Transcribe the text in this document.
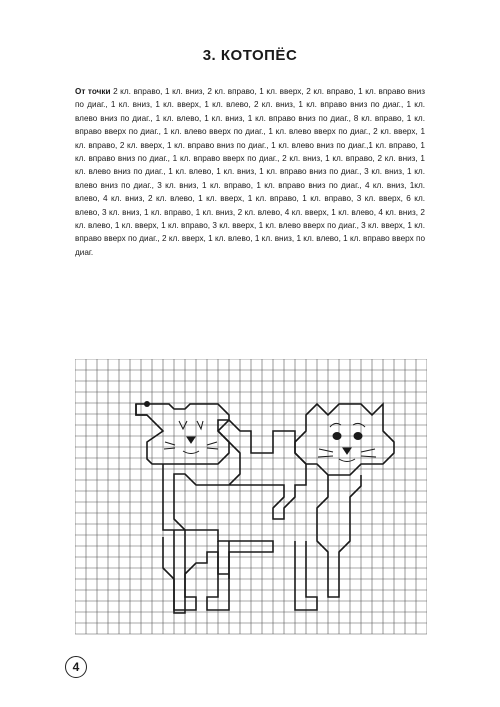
3. КОТОПЁС

От точки 2 кл. вправо, 1 кл. вниз, 2 кл. вправо, 1 кл. вверх, 2 кл. вправо, 1 кл. вправо вниз по диаг., 1 кл. вниз, 1 кл. вверх, 1 кл. влево, 2 кл. вниз, 1 кл. вправо вниз по диаг., 1 кл. влево вниз по диаг., 1 кл. влево, 1 кл. вниз, 1 кл. вправо вниз по диаг., 8 кл. вправо, 1 кл. вправо вверх по диаг., 1 кл. влево вверх по диаг., 1 кл. влево вверх по диаг., 2 кл. вверх, 1 кл. вправо, 2 кл. вверх, 1 кл. вправо вниз по диаг., 1 кл. влево вниз по диаг.,1 кл. вправо, 1 кл. вправо вниз по диаг., 1 кл. вправо вверх по диаг., 2 кл. вниз, 1 кл. вправо, 2 кл. вниз, 1 кл. влево вниз по диаг., 1 кл. влево, 1 кл. вниз, 1 кл. вправо вниз по диаг., 3 кл. вниз, 1 кл. влево вниз по диаг., 3 кл. вниз, 1 кл. вправо, 1 кл. вправо вниз по диаг., 4 кл. вниз, 1кл. влево, 4 кл. вниз, 2 кл. влево, 1 кл. вверх, 1 кл. вправо, 1 кл. вправо, 3 кл. вверх, 6 кл. влево, 3 кл. вниз, 1 кл. вправо, 1 кл. вниз, 2 кл. влево, 4 кл. вверх, 1 кл. влево, 4 кл. вниз, 2 кл. влево, 1 кл. вверх, 1 кл. вправо, 3 кл. вверх, 1 кл. влево вверх по диаг., 3 кл. вверх, 1 кл. вправо вверх по диаг., 2 кл. вверх, 1 кл. влево, 1 кл. вниз, 1 кл. влево, 1 кл. вправо вверх по диаг.

4
